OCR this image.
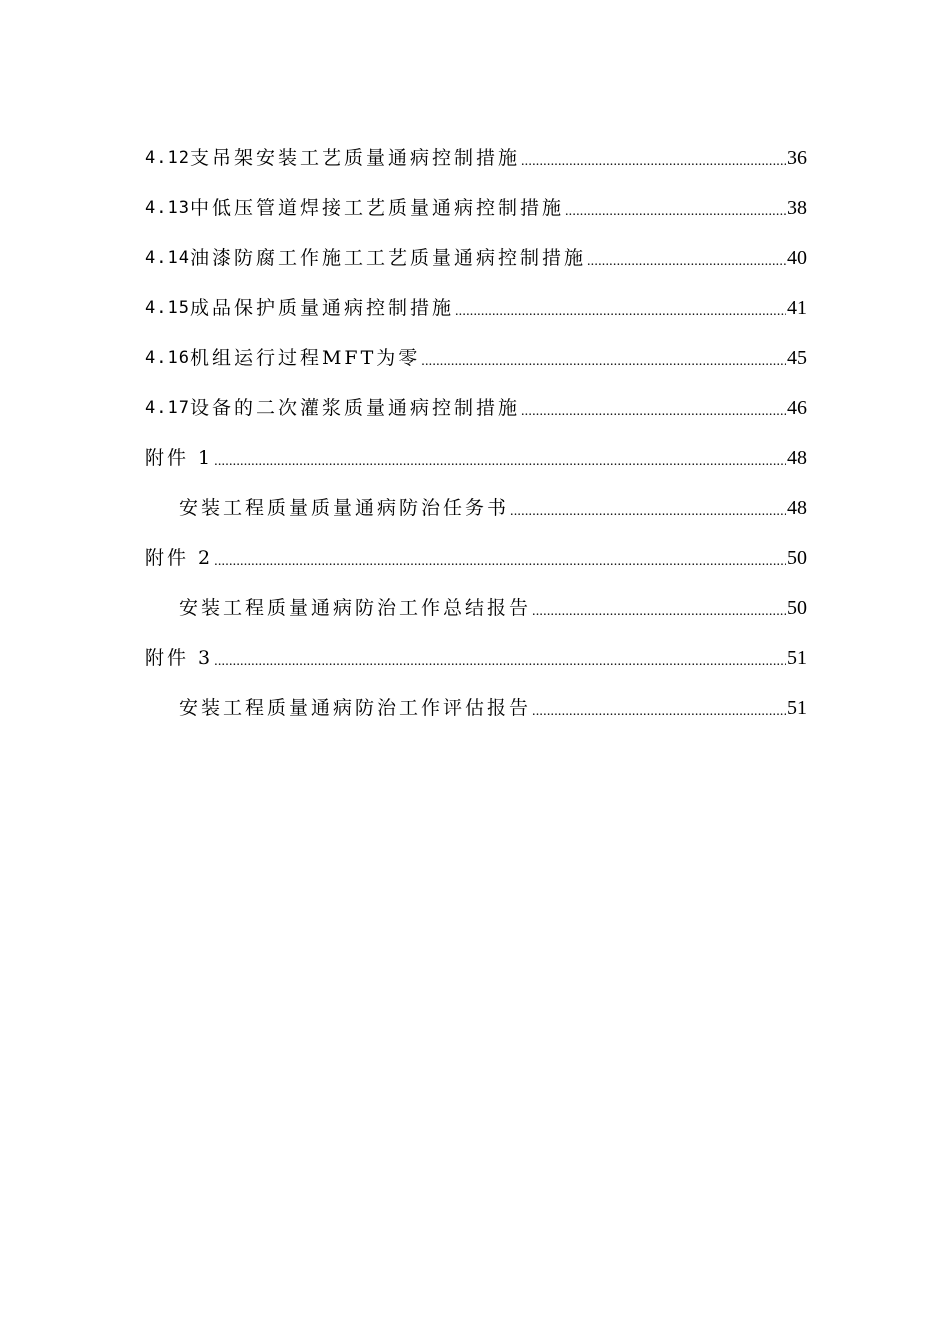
4.12 支吊架安装工艺质量通病控制措施 .....	36
4.13 中低压管道焊接工艺质量通病控制措施 .....	38
4.14 油漆防腐工作施工工艺质量通病控制措施 .....	40
4.15 成品保护质量通病控制措施 .....	41
4.16 机组运行过程MFT为零 .....	45
4.17 设备的二次灌浆质量通病控制措施 .....	46
附件 1 .....	48
安装工程质量质量通病防治任务书 .....	48
附件 2 .....	50
安装工程质量通病防治工作总结报告 .....	50
附件 3 .....	51
安装工程质量通病防治工作评估报告 .....	51
